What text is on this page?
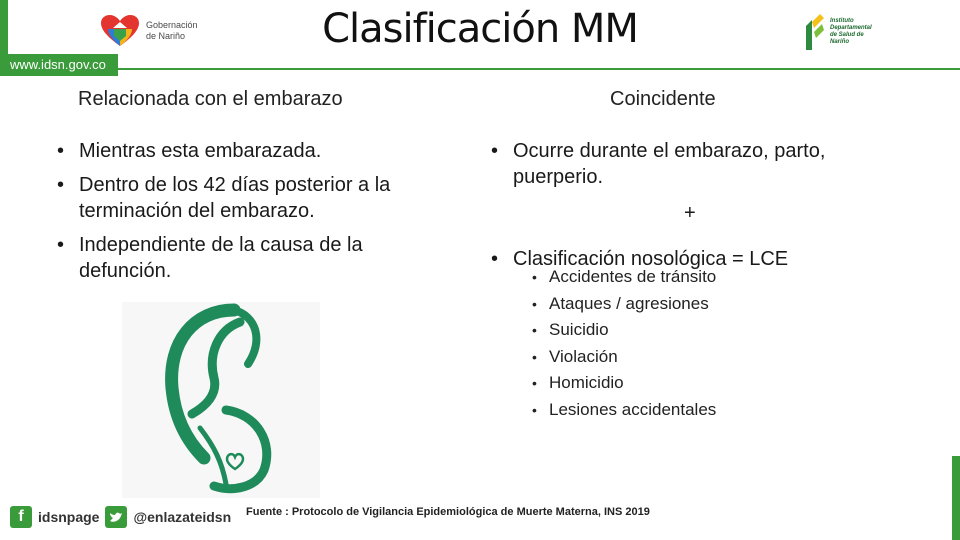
www.idsn.gov.co
Gobernación de Nariño	Clasificación MM	Instituto Departamental de Salud de Nariño
Relacionada con el embarazo	Coincidente
• Mientras esta embarazada.
• Dentro de los 42 días posterior a la terminación del embarazo.
• Independiente de la causa de la defunción.
• Ocurre durante el embarazo, parto, puerperio.
• Clasificación nosológica = LCE
+
• Accidentes de tránsito
• Ataques / agresiones
• Suicidio
• Violación
• Homicidio
• Lesiones accidentales
f	idsnpage @enlazateidsn Fuente : Protocolo de Vigilancia Epidemiológica de Muerte Materna, INS 2019
